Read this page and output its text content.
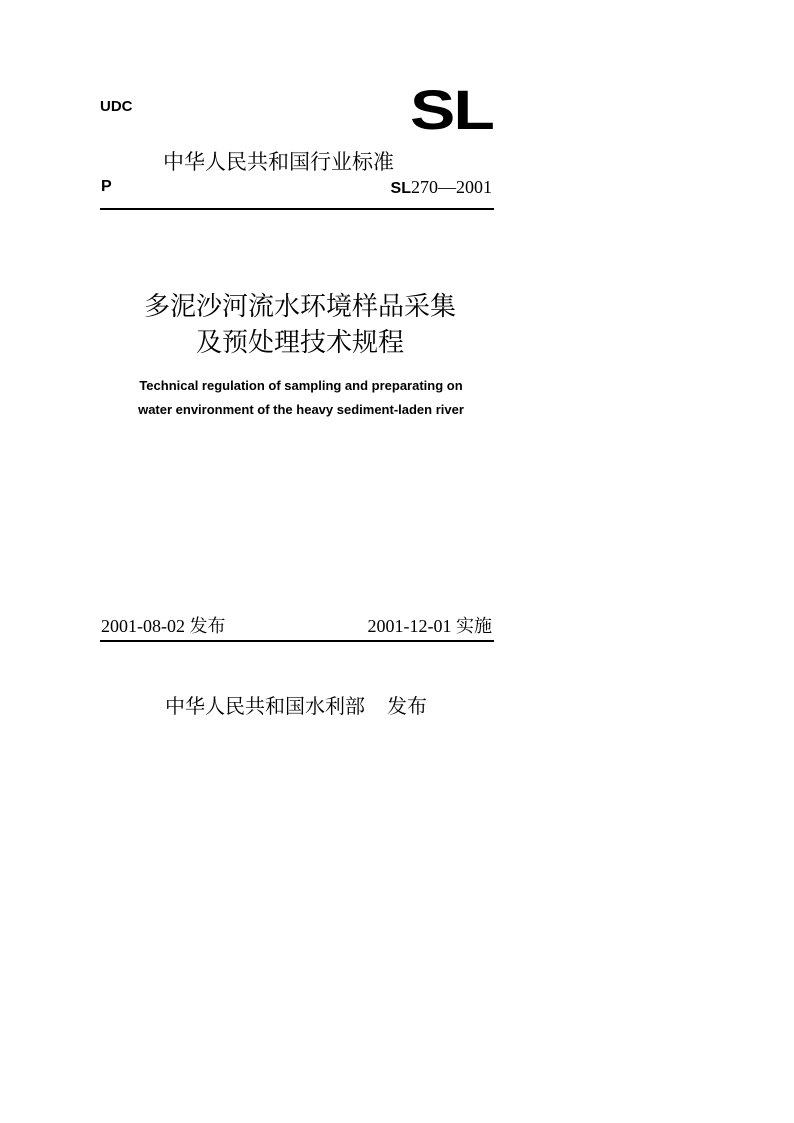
UDC	SL
中华人民共和国行业标准
P	SL270—2001
多泥沙河流水环境样品采集
及预处理技术规程
Technical regulation of sampling and preparating on
water environment of the heavy sediment-laden river
2001-08-02 发布	2001-12-01 实施
中华人民共和国水利部 发布
